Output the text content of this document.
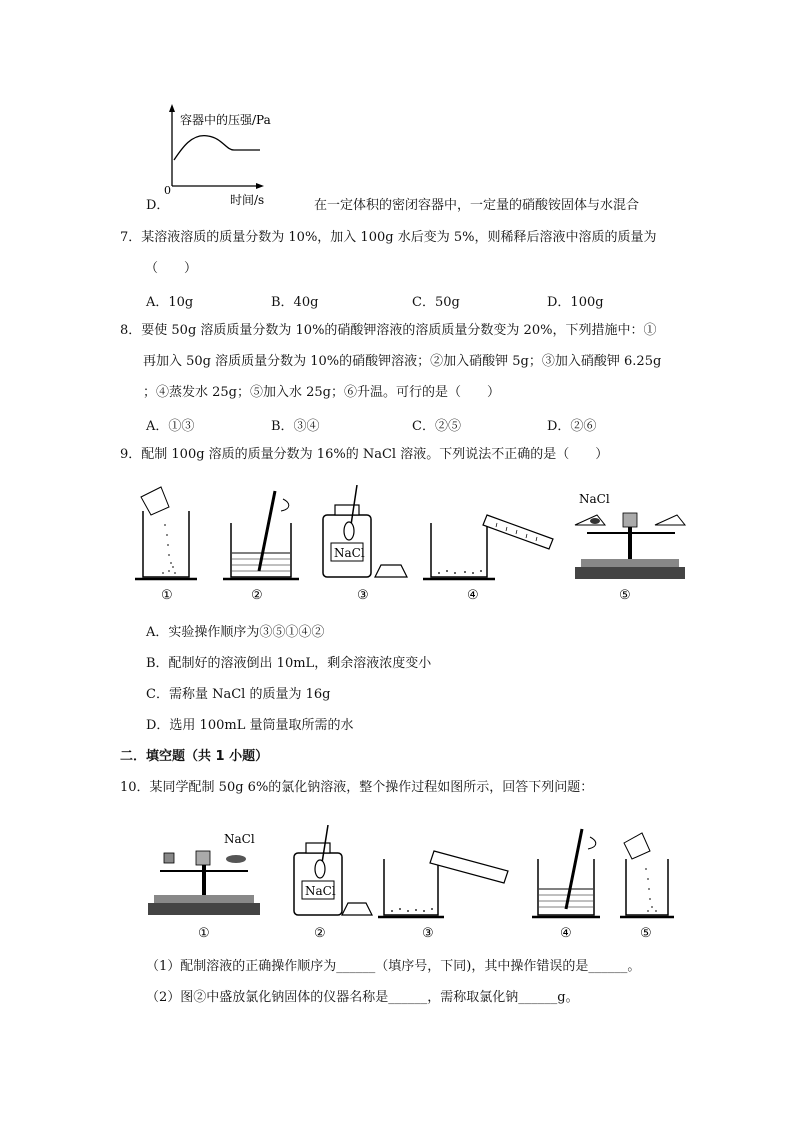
容器中的压强/Pa
0
时间/s
D．	在一定体积的密闭容器中，一定量的硝酸铵固体与水混合
7．某溶液溶质的质量分数为 10%，加入 100g 水后变为 5%，则稀释后溶液中溶质的质量为
（　　）
A．10g	B．40g	C．50g	D．100g
8．要使 50g 溶质质量分数为 10%的硝酸钾溶液的溶质质量分数变为 20%，下列措施中：①
再加入 50g 溶质质量分数为 10%的硝酸钾溶液；②加入硝酸钾 5g；③加入硝酸钾 6.25g
；④蒸发水 25g；⑤加入水 25g；⑥升温。可行的是（　　）
A．①③	B．③④	C．②⑤	D．②⑥
9．配制 100g 溶质的质量分数为 16%的 NaCl 溶液。下列说法不正确的是（　　）
NaCl
NaCl
①	②	③	④	⑤
A．实验操作顺序为③⑤①④②
B．配制好的溶液倒出 10mL，剩余溶液浓度变小
C．需称量 NaCl 的质量为 16g
D．选用 100mL 量筒量取所需的水
二．填空题（共 1 小题）
10．某同学配制 50g 6%的氯化钠溶液，整个操作过程如图所示，回答下列问题：
NaCl
NaCl
①	②	③	④	⑤
（1）配制溶液的正确操作顺序为______（填序号，下同)，其中操作错误的是______。
（2）图②中盛放氯化钠固体的仪器名称是______，需称取氯化钠______g。
